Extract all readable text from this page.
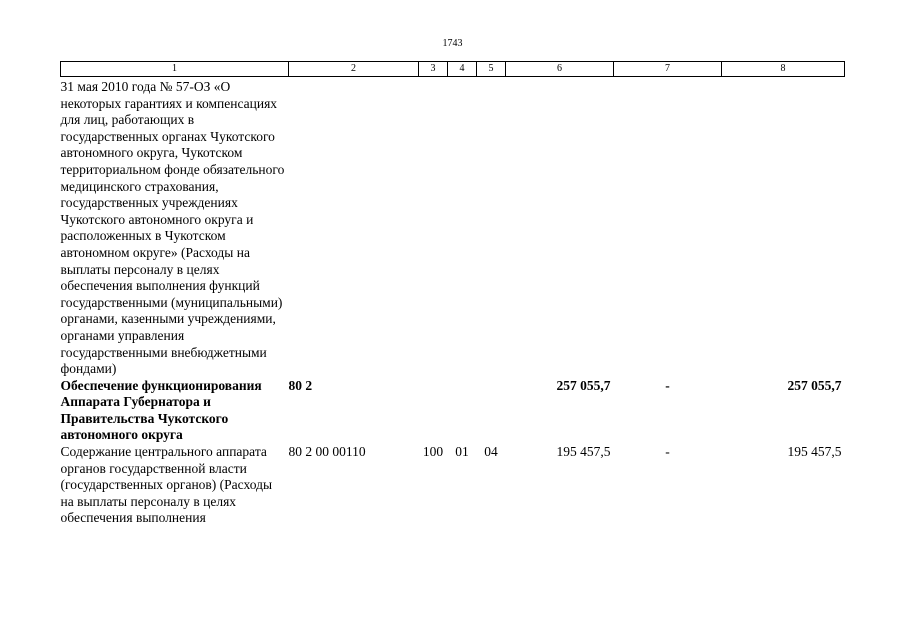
1743
1	2	3	4	5	6	7	8
31 мая 2010 года № 57-ОЗ «О некоторых гарантиях и компенсациях для лиц, работающих в государственных органах Чукотского автономного округа, Чукотском территориальном фонде обязательного медицинского страхования, государственных учреждениях Чукотского автономного округа и расположенных в Чукотском автономном округе» (Расходы на выплаты персоналу в целях обеспечения выполнения функций государственными (муниципальными) органами, казенными учреждениями, органами управления государственными внебюджетными фондами)							
Обеспечение функционирования Аппарата Губернатора и Правительства Чукотского автономного округа	80 2				257 055,7	-	257 055,7
Содержание центрального аппарата органов государственной власти (государственных органов) (Расходы на выплаты персоналу в целях обеспечения выполнения	80 2 00 00110	100	01	04	195 457,5	-	195 457,5
